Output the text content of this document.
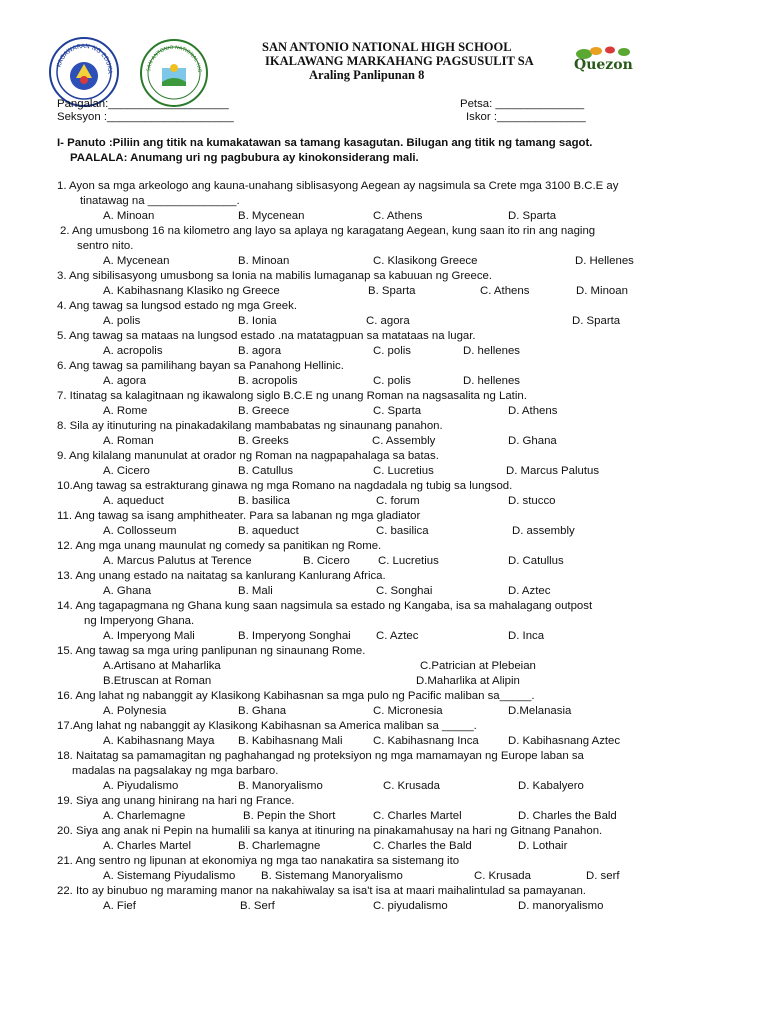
KAGAWARAN NG EDUKA	SAN ANTONIO NATIONAL HIG	Quezon
SAN ANTONIO NATIONAL HIGH SCHOOL
IKALAWANG MARKAHANG PAGSUSULIT SA
Araling Panlipunan 8
Pangalan:___________________
Seksyon :____________________
Petsa: ______________
Iskor :______________
I- Panuto :Piliin ang titik na kumakatawan sa tamang kasagutan. Bilugan ang titik ng tamang sagot.
PAALALA: Anumang uri ng pagbubura ay kinokonsiderang mali.
1. Ayon sa mga arkeologo ang kauna-unahang siblisasyong Aegean ay nagsimula sa Crete mga 3100 B.C.E ay
tinatawag na ______________.
A. Minoan	B. Mycenean	C. Athens	D. Sparta
2. Ang umusbong 16 na kilometro ang layo sa aplaya ng karagatang Aegean, kung saan ito rin ang naging
sentro nito.
A. Mycenean	B. Minoan	C. Klasikong Greece	D. Hellenes
3. Ang sibilisasyong umusbong sa Ionia na mabilis lumaganap sa kabuuan ng Greece.
A. Kabihasnang Klasiko ng Greece	B. Sparta	C. Athens	D. Minoan
4. Ang tawag sa lungsod estado ng mga Greek.
A. polis	B. Ionia	C. agora	D. Sparta
5. Ang tawag sa mataas na lungsod estado .na matatagpuan sa matataas na lugar.
A. acropolis	B. agora	C. polis	D. hellenes
6. Ang tawag sa pamilihang bayan sa Panahong Hellinic.
A. agora	B. acropolis	C. polis	D. hellenes
7. Itinatag sa kalagitnaan ng ikawalong siglo B.C.E ng unang Roman na nagsasalita ng Latin.
A. Rome	B. Greece	C. Sparta	D. Athens
8. Sila ay itinuturing na pinakadakilang mambabatas ng sinaunang panahon.
A. Roman	B. Greeks	C. Assembly	D. Ghana
9. Ang kilalang manunulat at orador ng Roman na nagpapahalaga sa batas.
A. Cicero	B. Catullus	C. Lucretius	D. Marcus Palutus
10.Ang tawag sa estrakturang ginawa ng mga Romano na nagdadala ng tubig sa lungsod.
A. aqueduct	B. basilica	C. forum	D. stucco
11. Ang tawag sa isang amphitheater. Para sa labanan ng mga gladiator
A. Collosseum	B. aqueduct	C. basilica	D. assembly
12. Ang mga unang maunulat ng comedy sa panitikan ng Rome.
A. Marcus Palutus at Terence	B. Cicero C. Lucretius	D. Catullus
13. Ang unang estado na naitatag sa kanlurang Kanlurang Africa.
A. Ghana	B. Mali	C. Songhai	D. Aztec
14. Ang tagapagmana ng Ghana kung saan nagsimula sa estado ng Kangaba, isa sa mahalagang outpost
ng Imperyong Ghana.
A. Imperyong Mali	B. Imperyong Songhai C. Aztec	D. Inca
15. Ang tawag sa mga uring panlipunan ng sinaunang Rome.
A.Artisano at Maharlika
B.Etruscan at Roman
C.Patrician at Plebeian
D.Maharlika at Alipin
16. Ang lahat ng nabanggit ay Klasikong Kabihasnan sa mga pulo ng Pacific maliban sa_____.
A. Polynesia	B. Ghana	C. Micronesia	D.Melanasia
17.Ang lahat ng nabanggit ay Klasikong Kabihasnan sa America maliban sa _____.
A. Kabihasnang Maya B. Kabihasnang Mali	C. Kabihasnang Inca	D. Kabihasnang Aztec
18. Naitatag sa pamamagitan ng paghahangad ng proteksiyon ng mga mamamayan ng Europe laban sa
madalas na pagsalakay ng mga barbaro.
A. Piyudalismo	B. Manoryalismo	C. Krusada	D. Kabalyero
19. Siya ang unang hinirang na hari ng France.
A. Charlemagne	B. Pepin the Short	C. Charles Martel	D. Charles the Bald
20. Siya ang anak ni Pepin na humalili sa kanya at itinuring na pinakamahusay na hari ng Gitnang Panahon.
A. Charles Martel	B. Charlemagne	C. Charles the Bald	D. Lothair
21. Ang sentro ng lipunan at ekonomiya ng mga tao nanakatira sa sistemang ito
A. Sistemang Piyudalismo B. Sistemang Manoryalismo	C. Krusada	D. serf
22. Ito ay binubuo ng maraming manor na nakahiwalay sa isa't isa at maari maihalintulad sa pamayanan.
A. Fief	B. Serf	C. piyudalismo	D. manoryalismo
